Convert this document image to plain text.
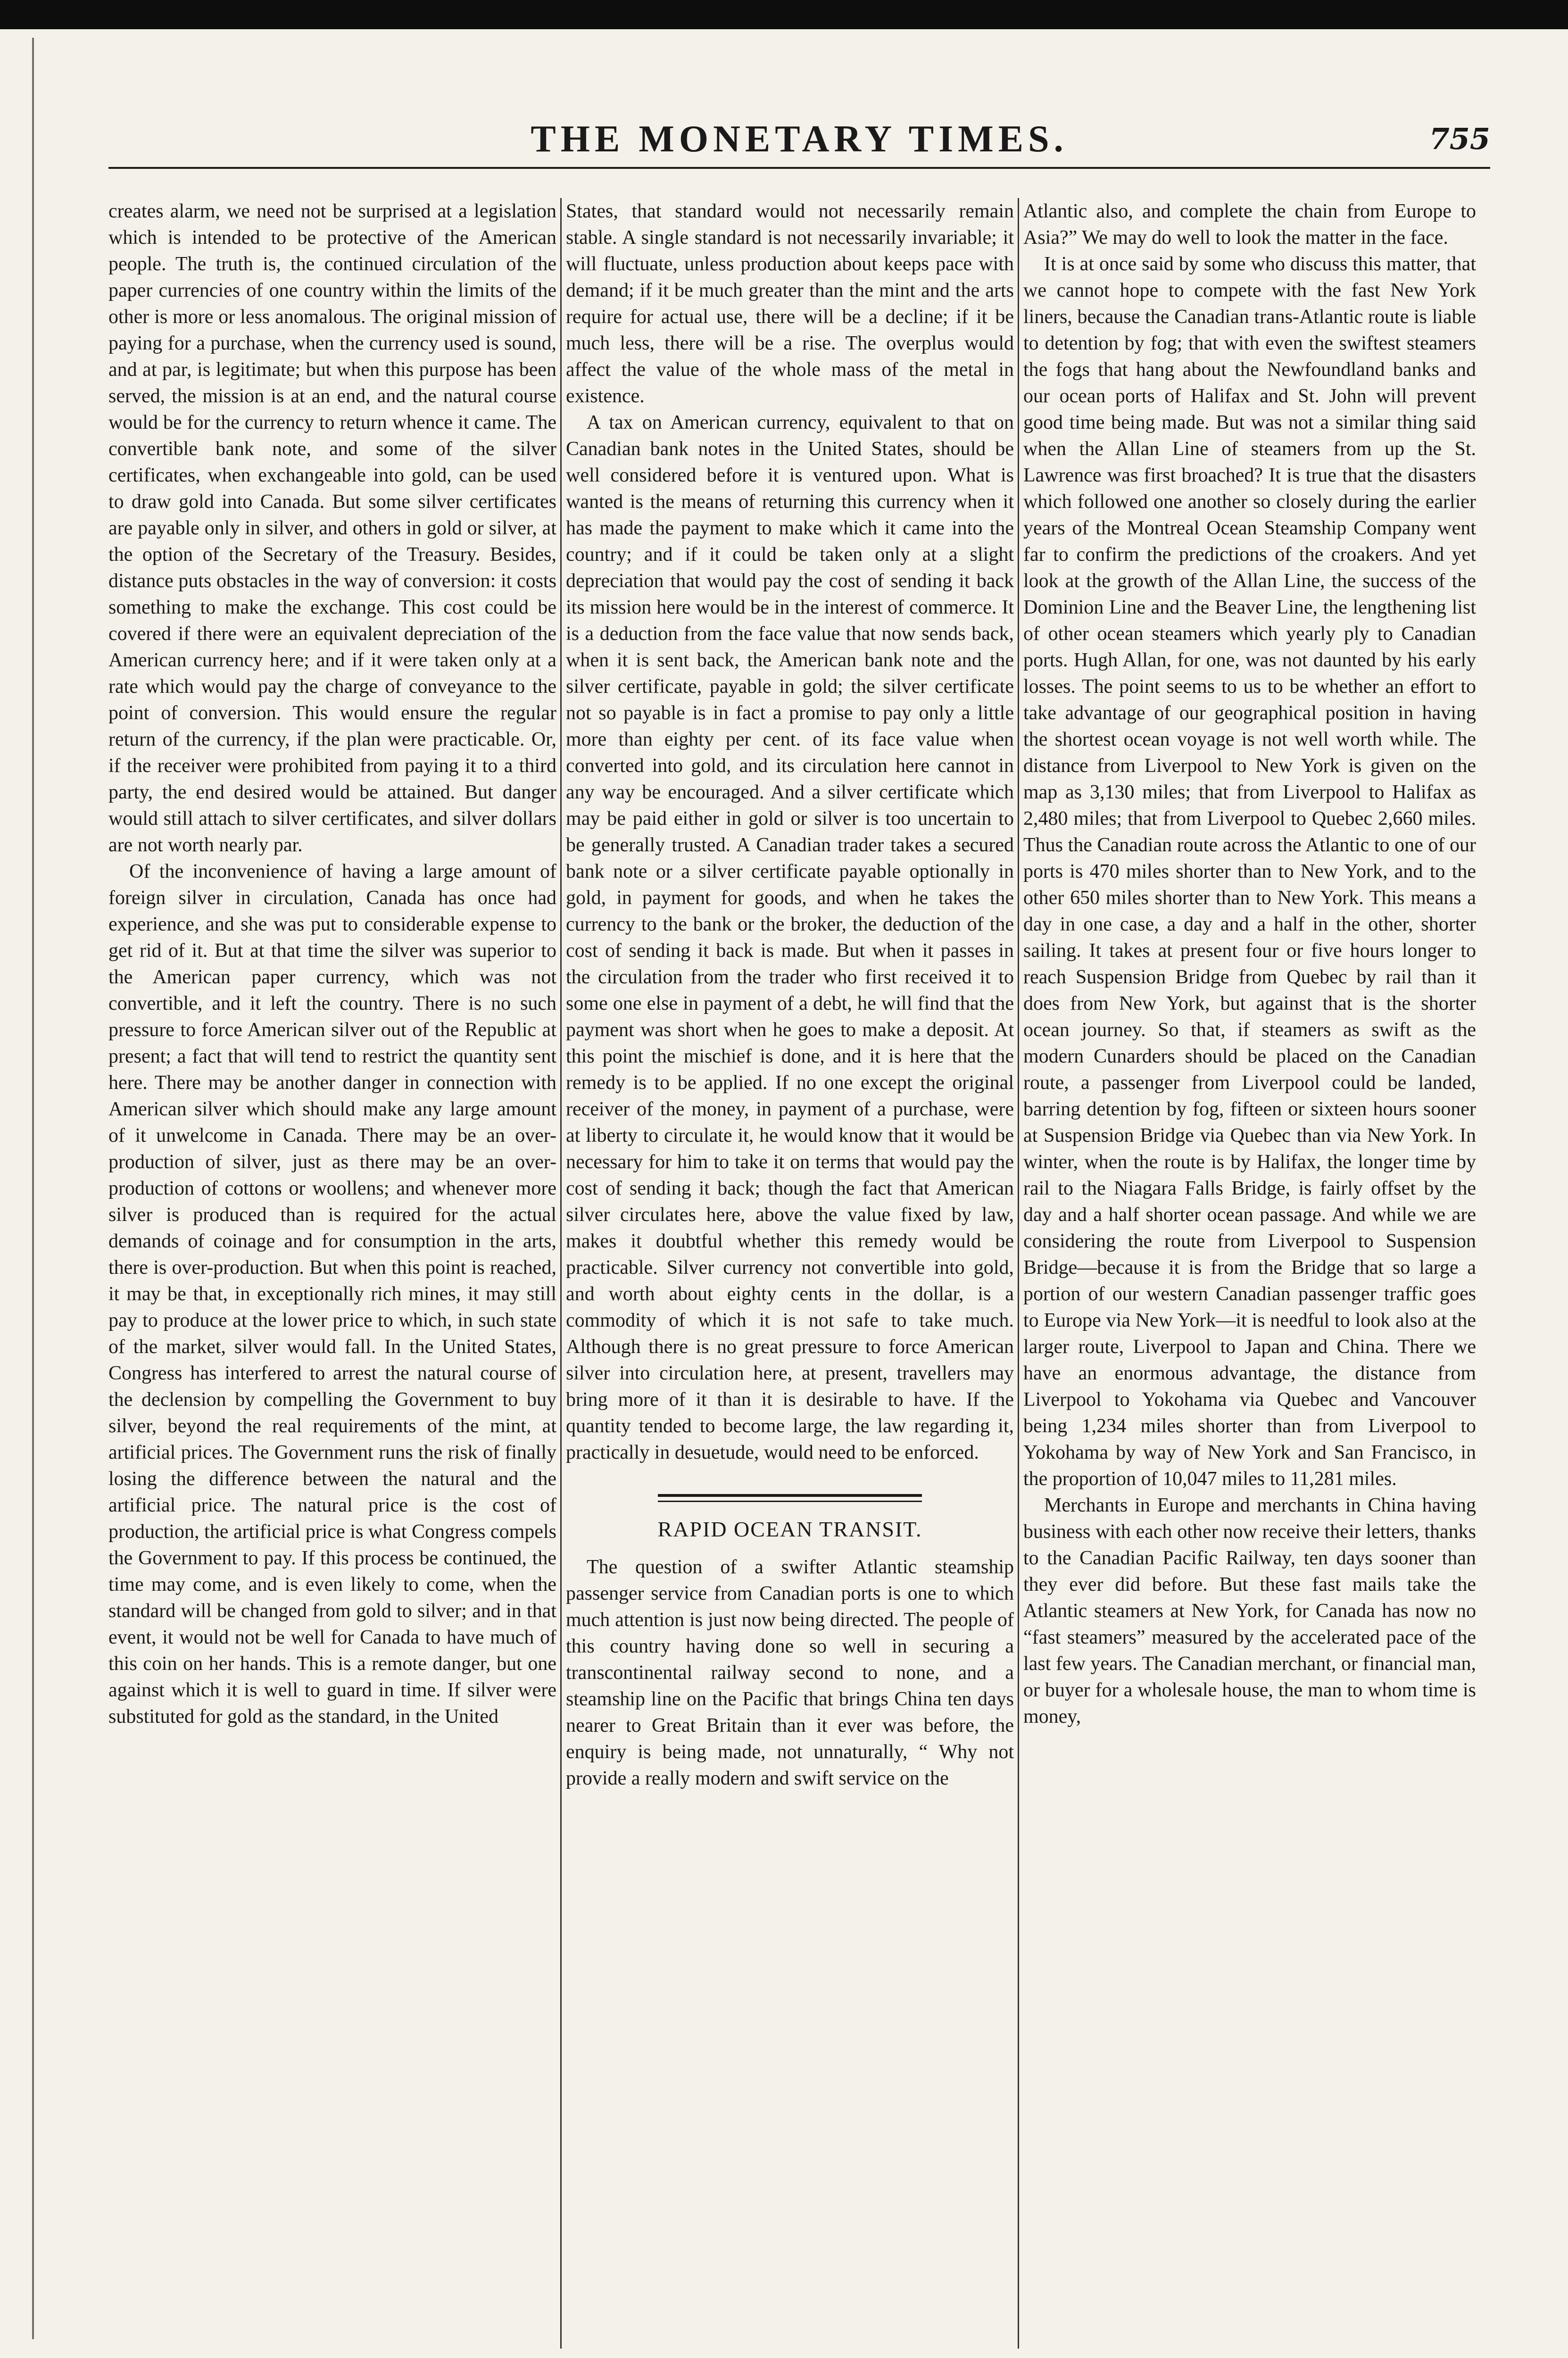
THE MONETARY TIMES.	755

creates alarm, we need not be surprised at a legislation which is intended to be protective of the American people. The truth is, the continued circulation of the paper currencies of one country within the limits of the other is more or less anomalous. The original mission of paying for a purchase, when the currency used is sound, and at par, is legitimate; but when this purpose has been served, the mission is at an end, and the natural course would be for the currency to return whence it came. The convertible bank note, and some of the silver certificates, when exchangeable into gold, can be used to draw gold into Canada. But some silver certificates are payable only in silver, and others in gold or silver, at the option of the Secretary of the Treasury. Besides, distance puts obstacles in the way of conversion: it costs something to make the exchange. This cost could be covered if there were an equivalent depreciation of the American currency here; and if it were taken only at a rate which would pay the charge of conveyance to the point of conversion. This would ensure the regular return of the currency, if the plan were practicable. Or, if the receiver were prohibited from paying it to a third party, the end desired would be attained. But danger would still attach to silver certificates, and silver dollars are not worth nearly par.

Of the inconvenience of having a large amount of foreign silver in circulation, Canada has once had experience, and she was put to considerable expense to get rid of it. But at that time the silver was superior to the American paper currency, which was not convertible, and it left the country. There is no such pressure to force American silver out of the Republic at present; a fact that will tend to restrict the quantity sent here. There may be another danger in connection with American silver which should make any large amount of it unwelcome in Canada. There may be an over-production of silver, just as there may be an over-production of cottons or woollens; and whenever more silver is produced than is required for the actual demands of coinage and for consumption in the arts, there is over-production. But when this point is reached, it may be that, in exceptionally rich mines, it may still pay to produce at the lower price to which, in such state of the market, silver would fall. In the United States, Congress has interfered to arrest the natural course of the declension by compelling the Government to buy silver, beyond the real requirements of the mint, at artificial prices. The Government runs the risk of finally losing the difference between the natural and the artificial price. The natural price is the cost of production, the artificial price is what Congress compels the Government to pay. If this process be continued, the time may come, and is even likely to come, when the standard will be changed from gold to silver; and in that event, it would not be well for Canada to have much of this coin on her hands. This is a remote danger, but one against which it is well to guard in time. If silver were substituted for gold as the standard, in the United

States, that standard would not necessarily remain stable. A single standard is not necessarily invariable; it will fluctuate, unless production about keeps pace with demand; if it be much greater than the mint and the arts require for actual use, there will be a decline; if it be much less, there will be a rise. The overplus would affect the value of the whole mass of the metal in existence.

A tax on American currency, equivalent to that on Canadian bank notes in the United States, should be well considered before it is ventured upon. What is wanted is the means of returning this currency when it has made the payment to make which it came into the country; and if it could be taken only at a slight depreciation that would pay the cost of sending it back its mission here would be in the interest of commerce. It is a deduction from the face value that now sends back, when it is sent back, the American bank note and the silver certificate, payable in gold; the silver certificate not so payable is in fact a promise to pay only a little more than eighty per cent. of its face value when converted into gold, and its circulation here cannot in any way be encouraged. And a silver certificate which may be paid either in gold or silver is too uncertain to be generally trusted. A Canadian trader takes a secured bank note or a silver certificate payable optionally in gold, in payment for goods, and when he takes the currency to the bank or the broker, the deduction of the cost of sending it back is made. But when it passes in the circulation from the trader who first received it to some one else in payment of a debt, he will find that the payment was short when he goes to make a deposit. At this point the mischief is done, and it is here that the remedy is to be applied. If no one except the original receiver of the money, in payment of a purchase, were at liberty to circulate it, he would know that it would be necessary for him to take it on terms that would pay the cost of sending it back; though the fact that American silver circulates here, above the value fixed by law, makes it doubtful whether this remedy would be practicable. Silver currency not convertible into gold, and worth about eighty cents in the dollar, is a commodity of which it is not safe to take much. Although there is no great pressure to force American silver into circulation here, at present, travellers may bring more of it than it is desirable to have. If the quantity tended to become large, the law regarding it, practically in desuetude, would need to be enforced.

RAPID OCEAN TRANSIT.

The question of a swifter Atlantic steamship passenger service from Canadian ports is one to which much attention is just now being directed. The people of this country having done so well in securing a transcontinental railway second to none, and a steamship line on the Pacific that brings China ten days nearer to Great Britain than it ever was before, the enquiry is being made, not unnaturally, “ Why not provide a really modern and swift service on the

Atlantic also, and complete the chain from Europe to Asia?” We may do well to look the matter in the face.

It is at once said by some who discuss this matter, that we cannot hope to compete with the fast New York liners, because the Canadian trans-Atlantic route is liable to detention by fog; that with even the swiftest steamers the fogs that hang about the Newfoundland banks and our ocean ports of Halifax and St. John will prevent good time being made. But was not a similar thing said when the Allan Line of steamers from up the St. Lawrence was first broached? It is true that the disasters which followed one another so closely during the earlier years of the Montreal Ocean Steamship Company went far to confirm the predictions of the croakers. And yet look at the growth of the Allan Line, the success of the Dominion Line and the Beaver Line, the lengthening list of other ocean steamers which yearly ply to Canadian ports. Hugh Allan, for one, was not daunted by his early losses. The point seems to us to be whether an effort to take advantage of our geographical position in having the shortest ocean voyage is not well worth while. The distance from Liverpool to New York is given on the map as 3,130 miles; that from Liverpool to Halifax as 2,480 miles; that from Liverpool to Quebec 2,660 miles. Thus the Canadian route across the Atlantic to one of our ports is 470 miles shorter than to New York, and to the other 650 miles shorter than to New York. This means a day in one case, a day and a half in the other, shorter sailing. It takes at present four or five hours longer to reach Suspension Bridge from Quebec by rail than it does from New York, but against that is the shorter ocean journey. So that, if steamers as swift as the modern Cunarders should be placed on the Canadian route, a passenger from Liverpool could be landed, barring detention by fog, fifteen or sixteen hours sooner at Suspension Bridge via Quebec than via New York. In winter, when the route is by Halifax, the longer time by rail to the Niagara Falls Bridge, is fairly offset by the day and a half shorter ocean passage. And while we are considering the route from Liverpool to Suspension Bridge—because it is from the Bridge that so large a portion of our western Canadian passenger traffic goes to Europe via New York—it is needful to look also at the larger route, Liverpool to Japan and China. There we have an enormous advantage, the distance from Liverpool to Yokohama via Quebec and Vancouver being 1,234 miles shorter than from Liverpool to Yokohama by way of New York and San Francisco, in the proportion of 10,047 miles to 11,281 miles.

Merchants in Europe and merchants in China having business with each other now receive their letters, thanks to the Canadian Pacific Railway, ten days sooner than they ever did before. But these fast mails take the Atlantic steamers at New York, for Canada has now no “fast steamers” measured by the accelerated pace of the last few years. The Canadian merchant, or financial man, or buyer for a wholesale house, the man to whom time is money,
